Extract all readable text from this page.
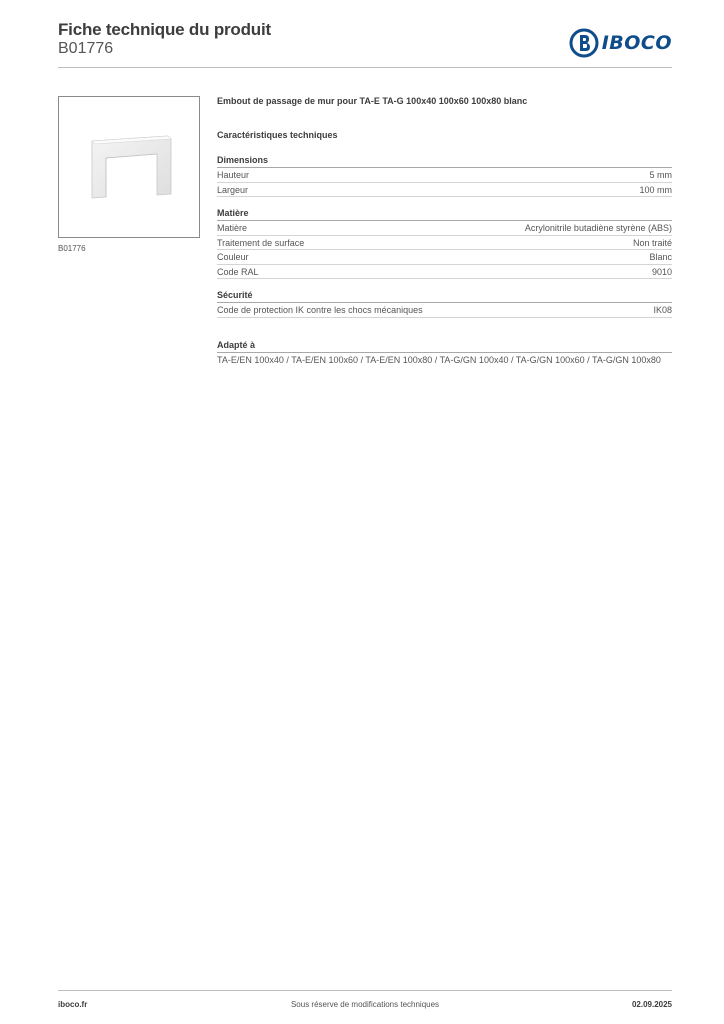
Fiche technique du produit
B01776	IBOCO
B01776
Embout de passage de mur pour TA-E TA-G 100x40 100x60 100x80 blanc
Caractéristiques techniques
Dimensions
Hauteur	5 mm
Largeur	100 mm
Matière
Matière	Acrylonitrile butadiène styrène (ABS)
Traitement de surface	Non traité
Couleur	Blanc
Code RAL	9010
Sécurité
Code de protection IK contre les chocs mécaniques	IK08
Adapté à
TA-E/EN 100x40 / TA-E/EN 100x60 / TA-E/EN 100x80 / TA-G/GN 100x40 / TA-G/GN 100x60 / TA-G/GN 100x80
iboco.fr	Sous réserve de modifications techniques	02.09.2025
